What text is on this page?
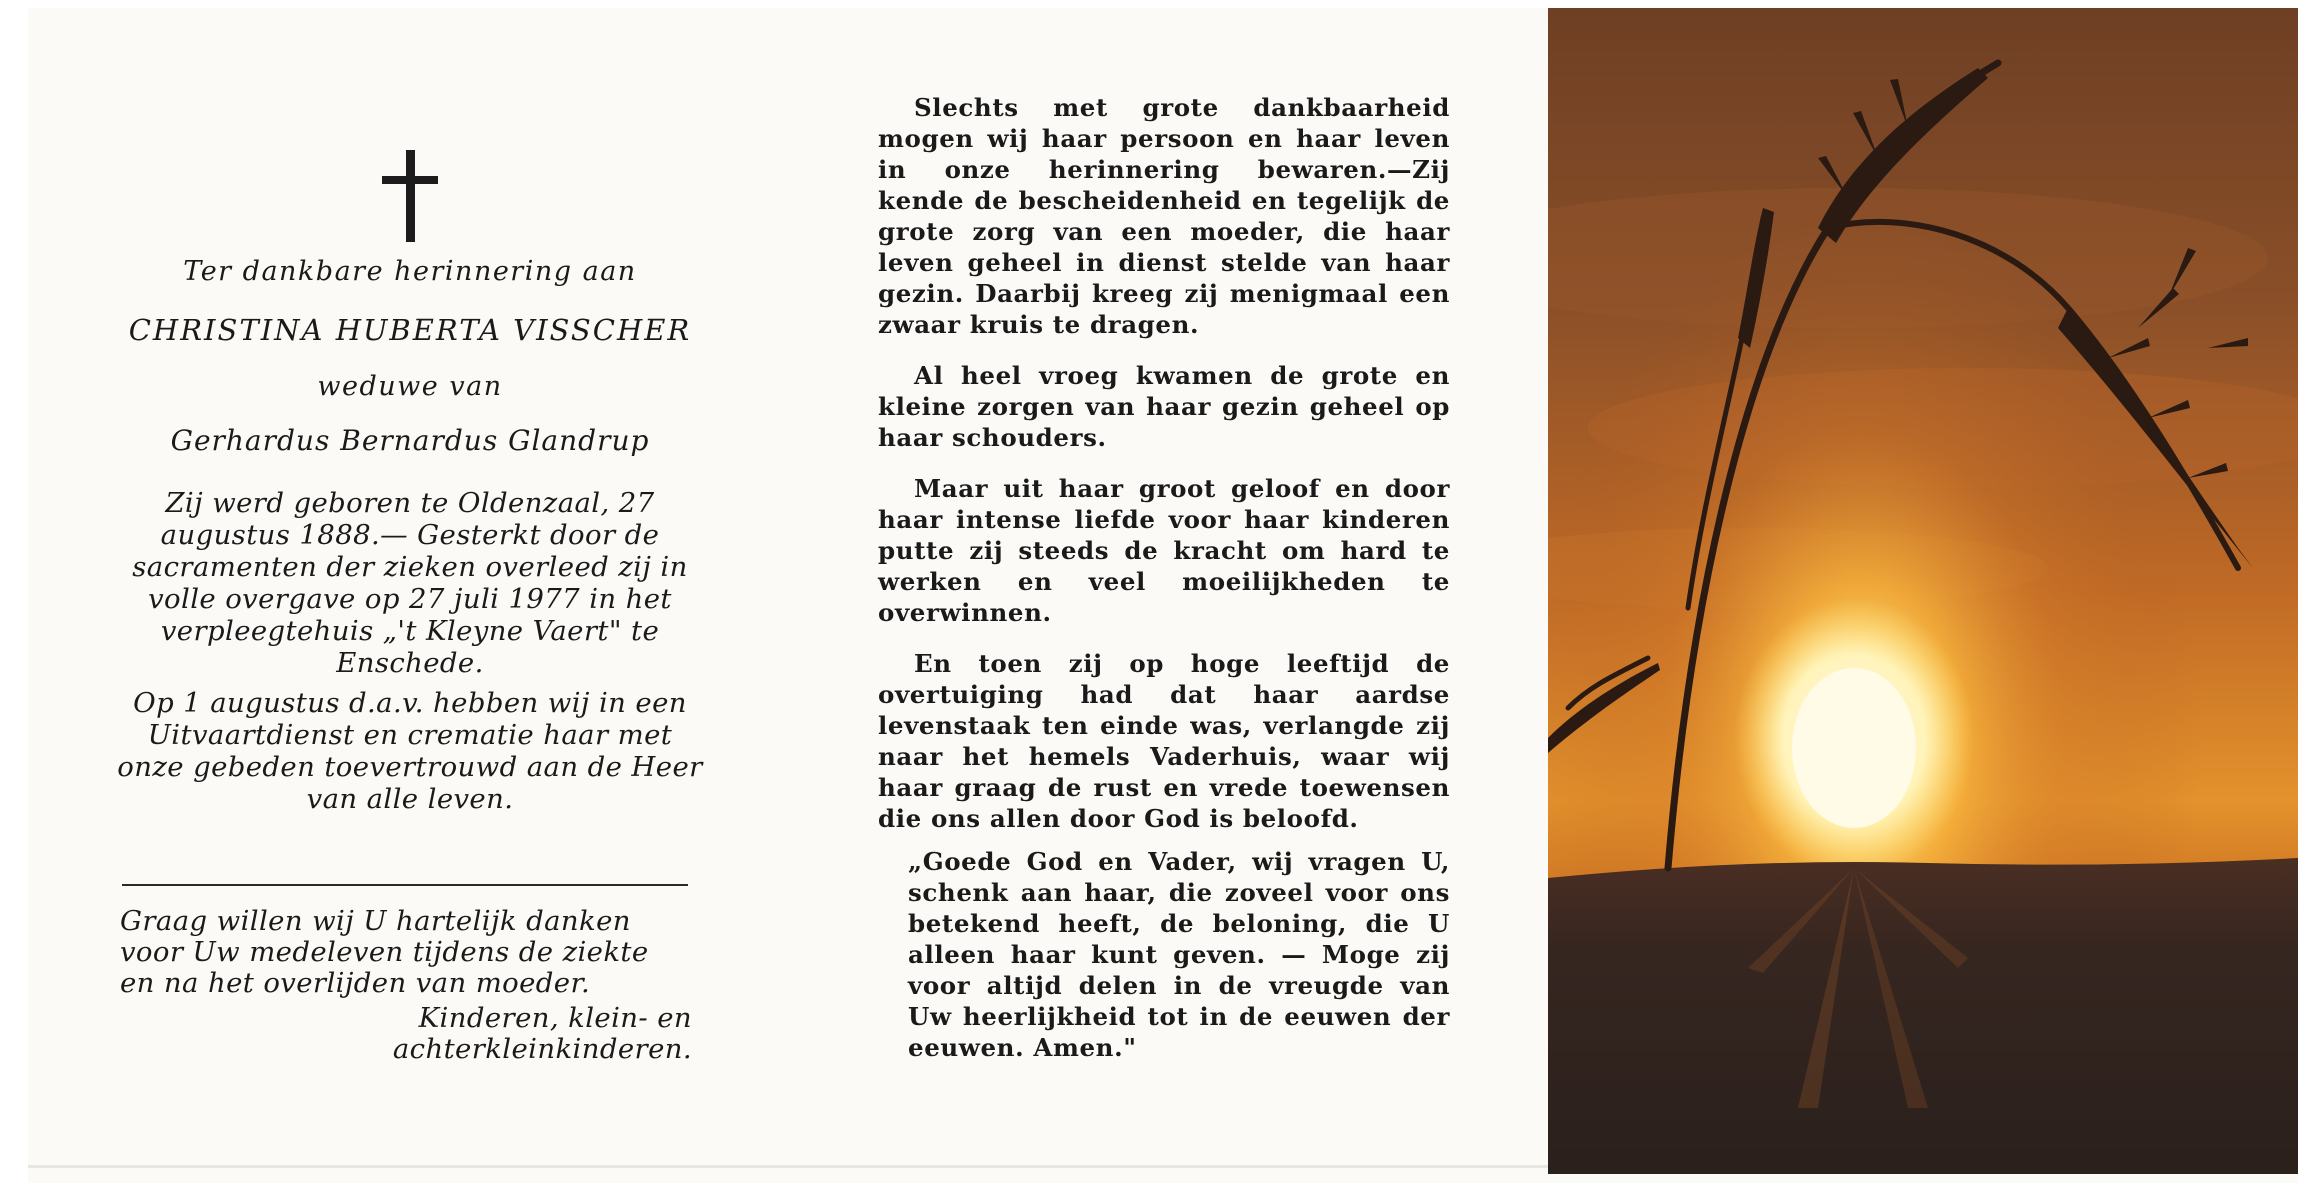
Ter dankbare herinnering aan
CHRISTINA HUBERTA VISSCHER
weduwe van
Gerhardus Bernardus Glandrup

Zij werd geboren te Oldenzaal, 27 augustus 1888.— Gesterkt door de sacramenten der zieken overleed zij in volle overgave op 27 juli 1977 in het verpleegtehuis „'t Kleyne Vaert" te Enschede.

Op 1 augustus d.a.v. hebben wij in een Uitvaartdienst en crematie haar met onze gebeden toevertrouwd aan de Heer van alle leven.

Graag willen wij U hartelijk danken voor Uw medeleven tijdens de ziekte en na het overlijden van moeder.
Kinderen, klein- en achterkleinkinderen.

Slechts met grote dankbaarheid mogen wij haar persoon en haar leven in onze herinnering bewaren.—Zij kende de bescheidenheid en tegelijk de grote zorg van een moeder, die haar leven geheel in dienst stelde van haar gezin. Daarbij kreeg zij menigmaal een zwaar kruis te dragen.

Al heel vroeg kwamen de grote en kleine zorgen van haar gezin geheel op haar schouders.

Maar uit haar groot geloof en door haar intense liefde voor haar kinderen putte zij steeds de kracht om hard te werken en veel moeilijkheden te overwinnen.

En toen zij op hoge leeftijd de overtuiging had dat haar aardse levenstaak ten einde was, verlangde zij naar het hemels Vaderhuis, waar wij haar graag de rust en vrede toewensen die ons allen door God is beloofd.

„Goede God en Vader, wij vragen U, schenk aan haar, die zoveel voor ons betekend heeft, de beloning, die U alleen haar kunt geven. — Moge zij voor altijd delen in de vreugde van Uw heerlijkheid tot in de eeuwen der eeuwen. Amen."
